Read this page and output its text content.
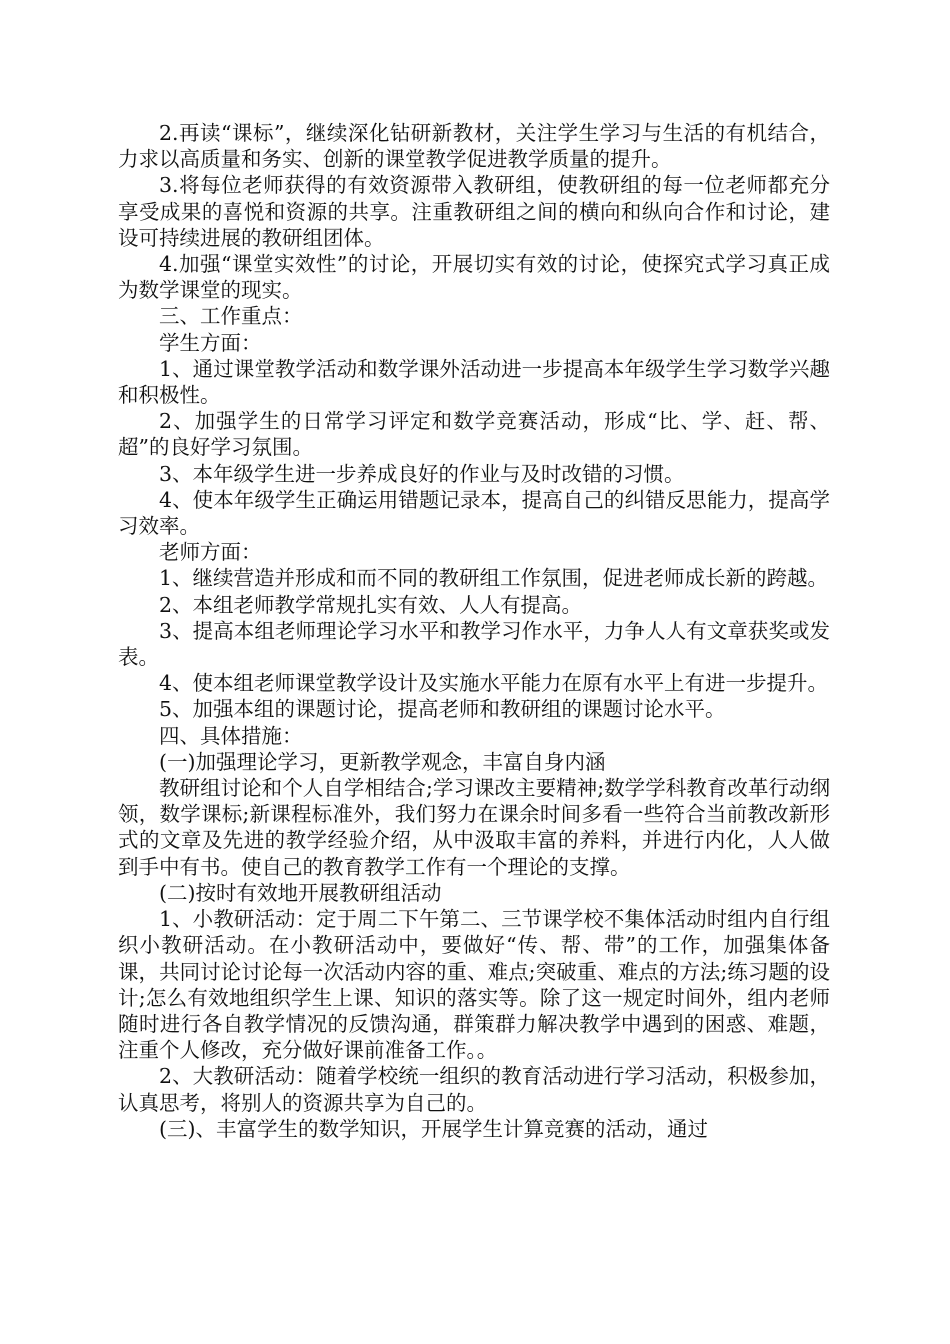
2.再读“课标”，继续深化钻研新教材，关注学生学习与生活的有机结合，力求以高质量和务实、创新的课堂教学促进教学质量的提升。

3.将每位老师获得的有效资源带入教研组，使教研组的每一位老师都充分享受成果的喜悦和资源的共享。注重教研组之间的横向和纵向合作和讨论，建设可持续进展的教研组团体。

4.加强“课堂实效性”的讨论，开展切实有效的讨论，使探究式学习真正成为数学课堂的现实。

三、工作重点：

学生方面：

1、通过课堂教学活动和数学课外活动进一步提高本年级学生学习数学兴趣和积极性。

2、加强学生的日常学习评定和数学竞赛活动，形成“比、学、赶、帮、超”的良好学习氛围。

3、本年级学生进一步养成良好的作业与及时改错的习惯。

4、使本年级学生正确运用错题记录本，提高自己的纠错反思能力，提高学习效率。

老师方面：

1、继续营造并形成和而不同的教研组工作氛围，促进老师成长新的跨越。

2、本组老师教学常规扎实有效、人人有提高。

3、提高本组老师理论学习水平和教学习作水平，力争人人有文章获奖或发表。

4、使本组老师课堂教学设计及实施水平能力在原有水平上有进一步提升。

5、加强本组的课题讨论，提高老师和教研组的课题讨论水平。

四、具体措施：

(一)加强理论学习，更新教学观念，丰富自身内涵

教研组讨论和个人自学相结合;学习课改主要精神;数学学科教育改革行动纲领，数学课标;新课程标准外，我们努力在课余时间多看一些符合当前教改新形式的文章及先进的教学经验介绍，从中汲取丰富的养料，并进行内化，人人做到手中有书。使自己的教育教学工作有一个理论的支撑。

(二)按时有效地开展教研组活动

1、小教研活动：定于周二下午第二、三节课学校不集体活动时组内自行组织小教研活动。在小教研活动中，要做好“传、帮、带”的工作，加强集体备课，共同讨论讨论每一次活动内容的重、难点;突破重、难点的方法;练习题的设计;怎么有效地组织学生上课、知识的落实等。除了这一规定时间外，组内老师随时进行各自教学情况的反馈沟通，群策群力解决教学中遇到的困惑、难题，注重个人修改，充分做好课前准备工作。。

2、大教研活动：随着学校统一组织的教育活动进行学习活动，积极参加，认真思考，将别人的资源共享为自己的。

(三)、丰富学生的数学知识，开展学生计算竞赛的活动，通过
